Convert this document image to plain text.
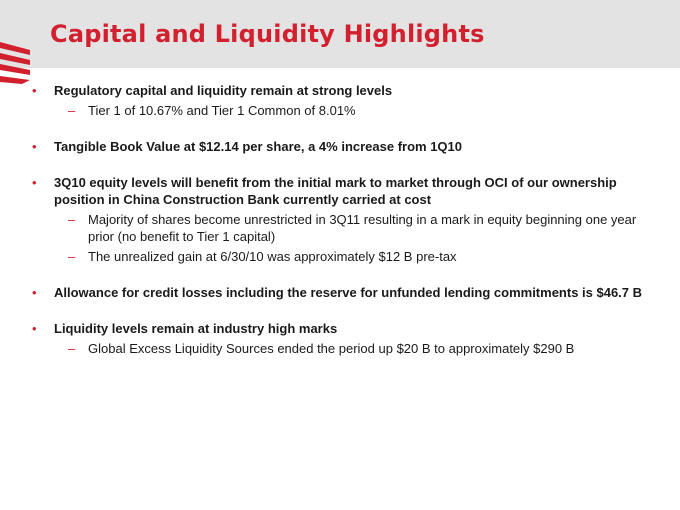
Capital and Liquidity Highlights
• Regulatory capital and liquidity remain at strong levels
– Tier 1 of 10.67% and Tier 1 Common of 8.01%
• Tangible Book Value at $12.14 per share, a 4% increase from 1Q10
• 3Q10 equity levels will benefit from the initial mark to market through OCI of our ownership position in China Construction Bank currently carried at cost
– Majority of shares become unrestricted in 3Q11 resulting in a mark in equity beginning one year prior (no benefit to Tier 1 capital)
– The unrealized gain at 6/30/10 was approximately $12 B pre-tax
• Allowance for credit losses including the reserve for unfunded lending commitments is $46.7 B
• Liquidity levels remain at industry high marks
– Global Excess Liquidity Sources ended the period up $20 B to approximately $290 B
